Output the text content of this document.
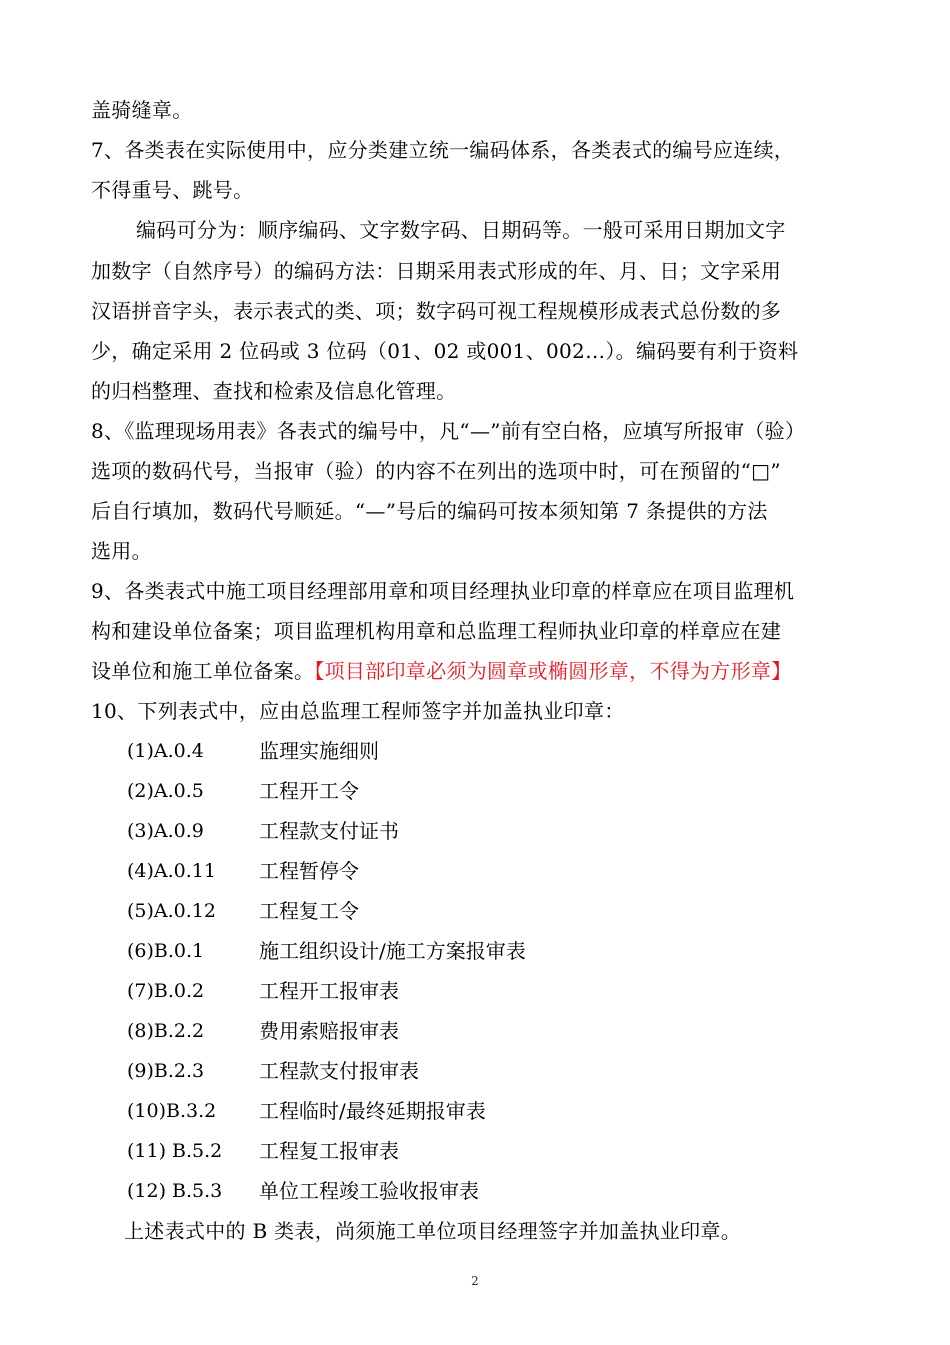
盖骑缝章。
7、各类表在实际使用中，应分类建立统一编码体系，各类表式的编号应连续，
不得重号、跳号。
编码可分为：顺序编码、文字数字码、日期码等。一般可采用日期加文字
加数字（自然序号）的编码方法：日期采用表式形成的年、月、日；文字采用
汉语拼音字头，表示表式的类、项；数字码可视工程规模形成表式总份数的多
少，确定采用 2 位码或 3 位码（01、02 或001、002…）。编码要有利于资料
的归档整理、查找和检索及信息化管理。
8、《监理现场用表》各表式的编号中，凡“—”前有空白格，应填写所报审（验）
选项的数码代号，当报审（验）的内容不在列出的选项中时，可在预留的“□”
后自行填加，数码代号顺延。“—”号后的编码可按本须知第 7 条提供的方法
选用。
9、各类表式中施工项目经理部用章和项目经理执业印章的样章应在项目监理机
构和建设单位备案；项目监理机构用章和总监理工程师执业印章的样章应在建
设单位和施工单位备案。【项目部印章必须为圆章或椭圆形章，不得为方形章】
10、下列表式中，应由总监理工程师签字并加盖执业印章：
(1)A.0.4	监理实施细则
(2)A.0.5	工程开工令
(3)A.0.9	工程款支付证书
(4)A.0.11 工程暂停令
(5)A.0.12 工程复工令
(6)B.0.1	施工组织设计/施工方案报审表
(7)B.0.2	工程开工报审表
(8)B.2.2	费用索赔报审表
(9)B.2.3	工程款支付报审表
(10)B.3.2 工程临时/最终延期报审表
(11) B.5.2 工程复工报审表
(12) B.5.3 单位工程竣工验收报审表
上述表式中的 B 类表，尚须施工单位项目经理签字并加盖执业印章。
2
